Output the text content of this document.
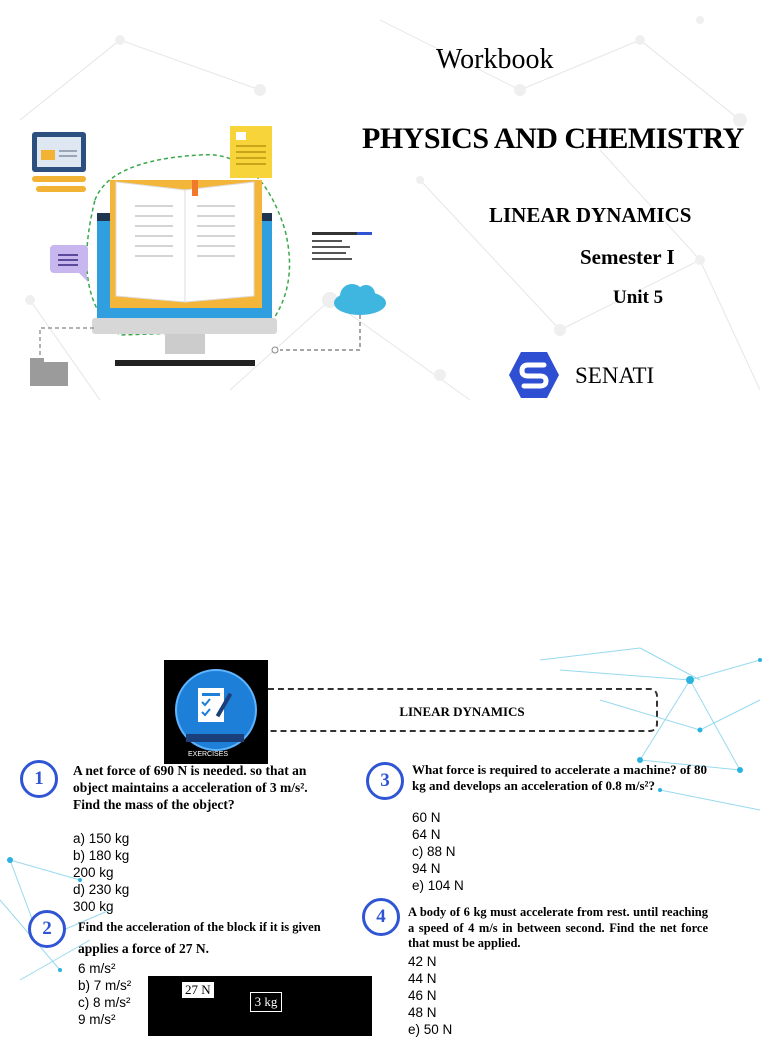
Workbook
PHYSICS AND CHEMISTRY
LINEAR DYNAMICS
Semester I
Unit 5
SENATI
EXERCISES
LINEAR DYNAMICS
1	A net force of 690 N is needed. so that an object maintains a acceleration of 3 m/s². Find the mass of the object?
a) 150 kg
b) 180 kg
200 kg
d) 230 kg
300 kg
3
What force is required to accelerate a machine? of 80 kg and develops an acceleration of 0.8 m/s²?
60 N
64 N
c) 88 N
94 N
e) 104 N
2	Find the acceleration of the block if it is given
applies a force of 27 N.
6 m/s²
b) 7 m/s²
c) 8 m/s²
9 m/s²
4	A body of 6 kg must accelerate from rest. until reaching a speed of 4 m/s in between second. Find the net force that must be applied.
42 N
44 N
46 N
48 N
e) 50 N
27 N
3 kg
